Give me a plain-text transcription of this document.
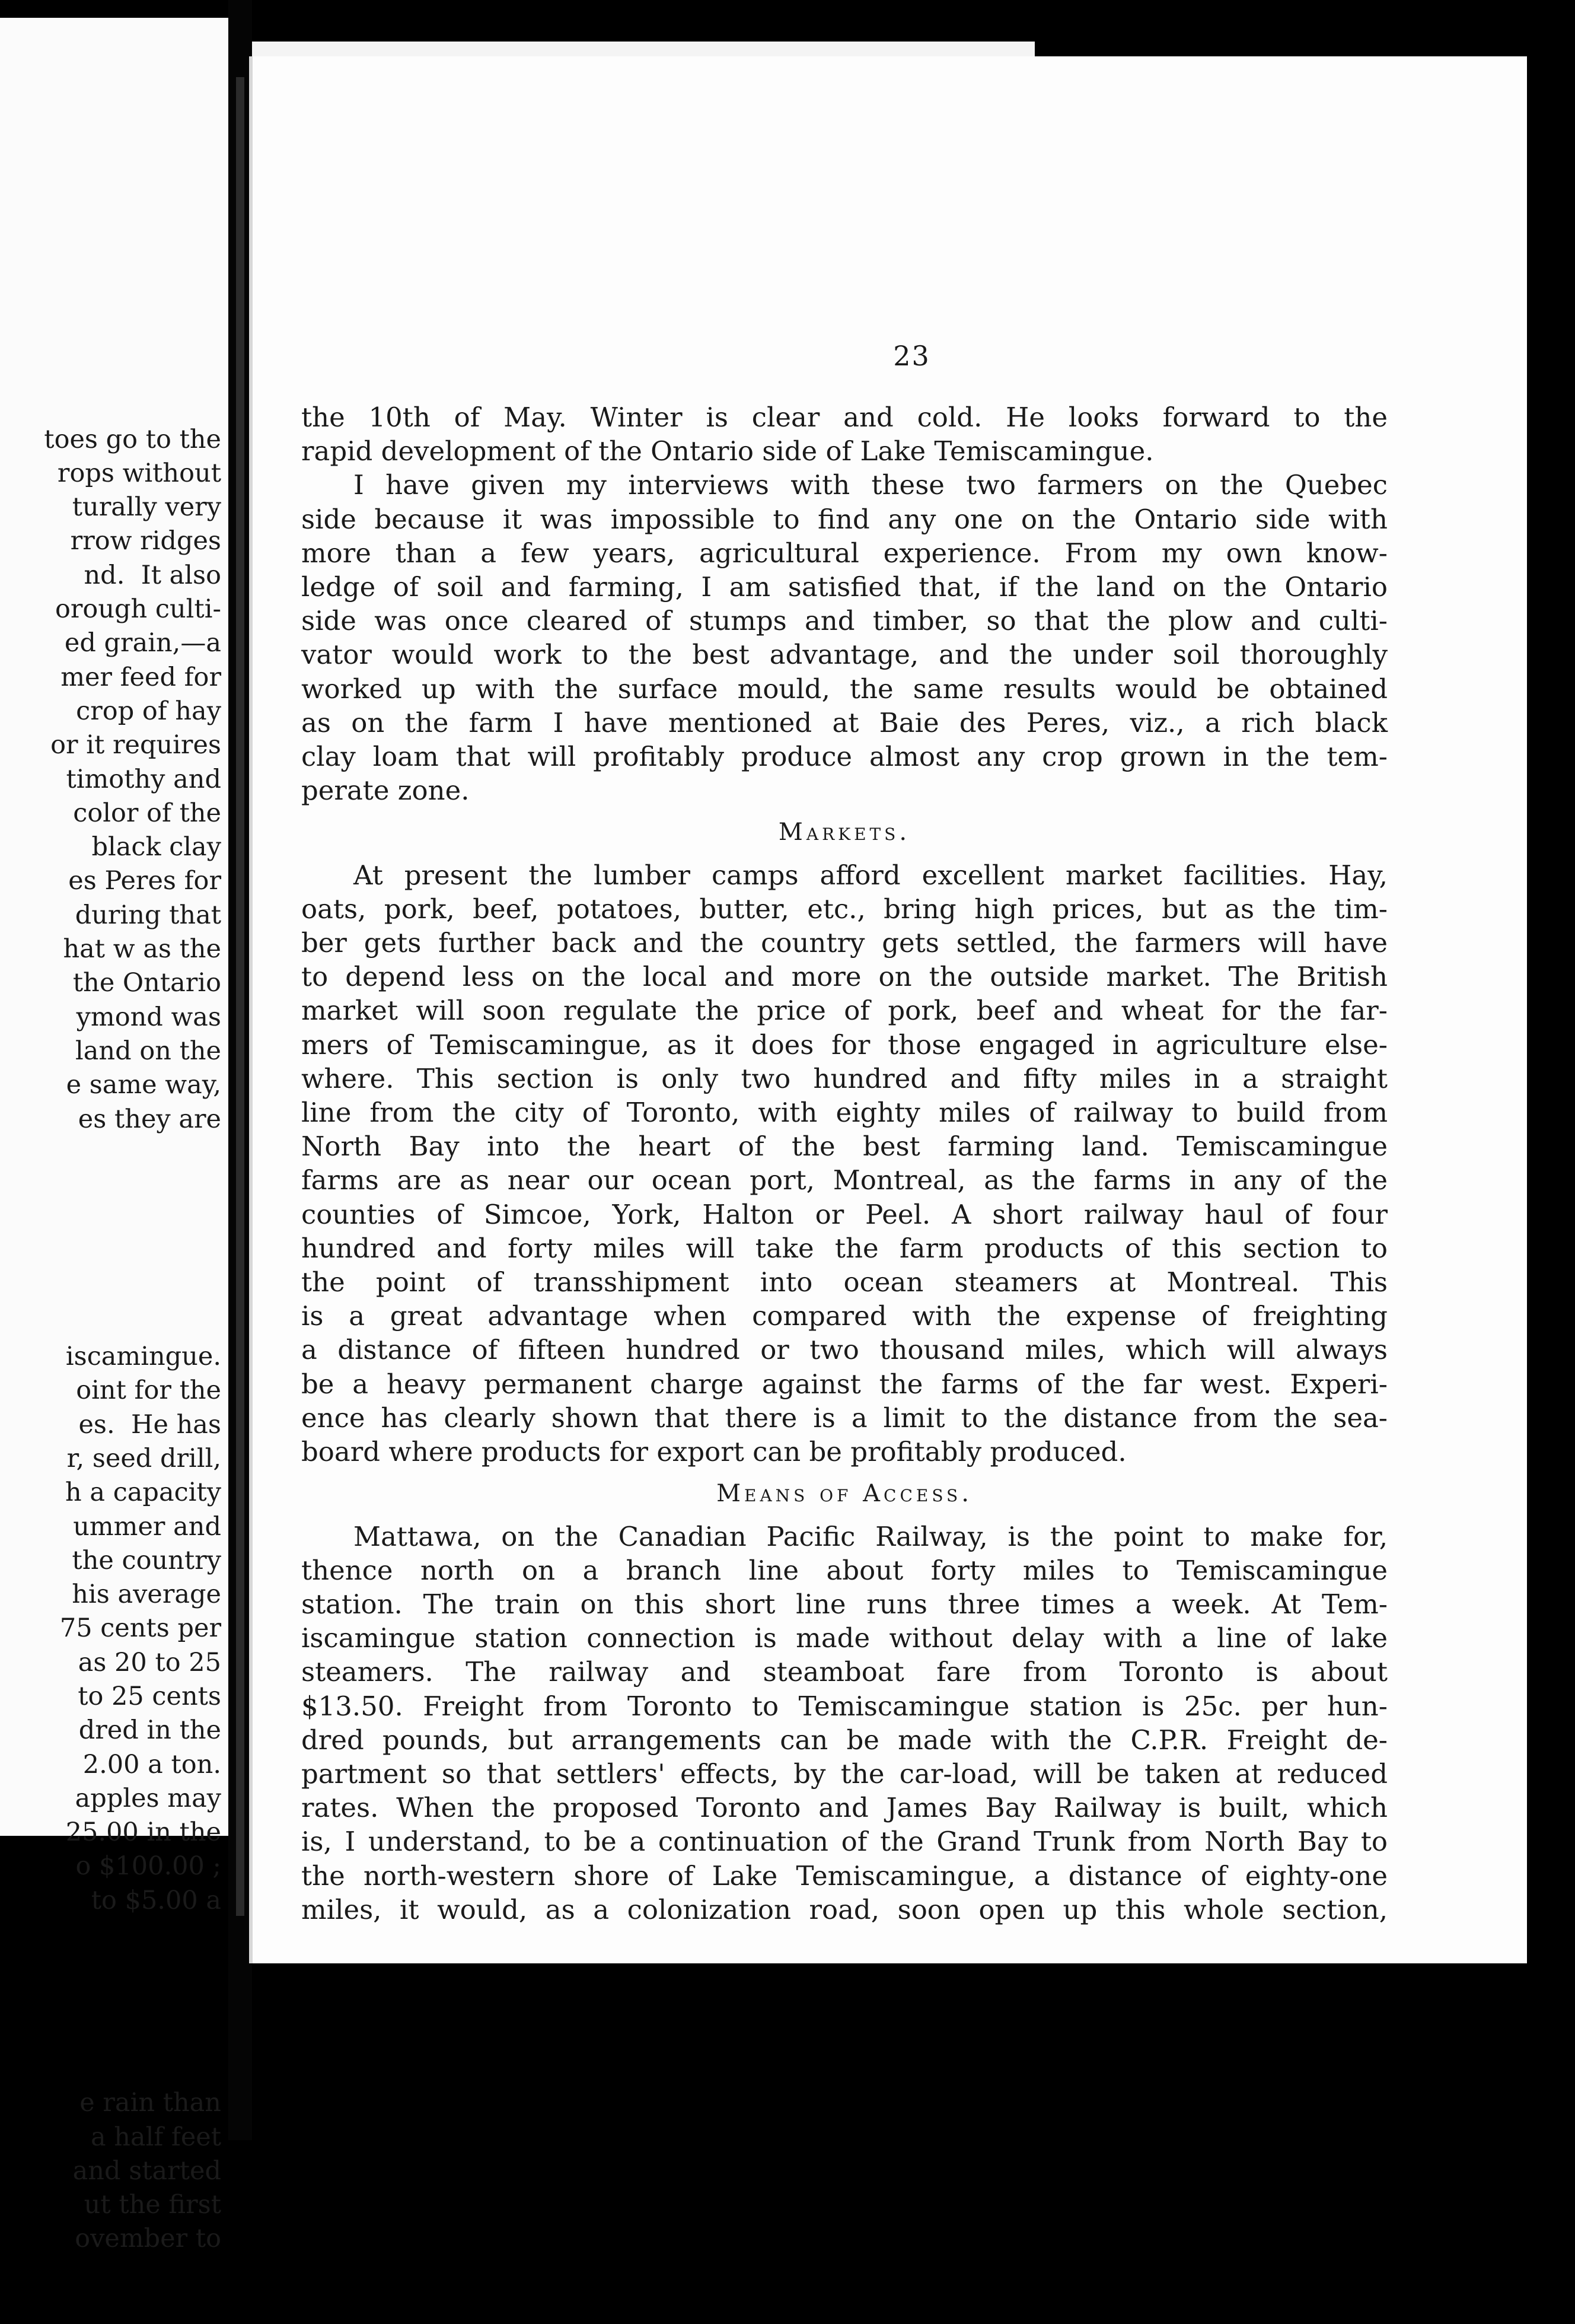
toes go to the
rops without
turally very
rrow ridges
nd.  It also
orough culti-
ed grain,—a
mer feed for
crop of hay
or it requires
timothy and
color of the
black clay
es Peres for
during that
hat w as the
the Ontario
ymond was
land on the
e same way,
es they are

iscamingue.
oint for the
es.  He has
r, seed drill,
h a capacity
ummer and
the country
his average
75 cents per
as 20 to 25
to 25 cents
dred in the
2.00 a ton.
apples may
25.00 in the
o $100.00 ;
to $5.00 a

e rain than
a half feet
and started
ut the first
ovember to

23
the 10th of May. Winter is clear and cold. He looks forward to the
rapid development of the Ontario side of Lake Temiscamingue.
I have given my interviews with these two farmers on the Quebec
side because it was impossible to find any one on the Ontario side with
more than a few years, agricultural experience. From my own know-
ledge of soil and farming, I am satisfied that, if the land on the Ontario
side was once cleared of stumps and timber, so that the plow and culti-
vator would work to the best advantage, and the under soil thoroughly
worked up with the surface mould, the same results would be obtained
as on the farm I have mentioned at Baie des Peres, viz., a rich black
clay loam that will profitably produce almost any crop grown in the tem-
perate zone.
Markets.
At present the lumber camps afford excellent market facilities. Hay,
oats, pork, beef, potatoes, butter, etc., bring high prices, but as the tim-
ber gets further back and the country gets settled, the farmers will have
to depend less on the local and more on the outside market. The British
market will soon regulate the price of pork, beef and wheat for the far-
mers of Temiscamingue, as it does for those engaged in agriculture else-
where. This section is only two hundred and fifty miles in a straight
line from the city of Toronto, with eighty miles of railway to build from
North Bay into the heart of the best farming land. Temiscamingue
farms are as near our ocean port, Montreal, as the farms in any of the
counties of Simcoe, York, Halton or Peel. A short railway haul of four
hundred and forty miles will take the farm products of this section to
the point of transshipment into ocean steamers at Montreal. This
is a great advantage when compared with the expense of freighting
a distance of fifteen hundred or two thousand miles, which will always
be a heavy permanent charge against the farms of the far west. Experi-
ence has clearly shown that there is a limit to the distance from the sea-
board where products for export can be profitably produced.
Means of Access.
Mattawa, on the Canadian Pacific Railway, is the point to make for,
thence north on a branch line about forty miles to Temiscamingue
station. The train on this short line runs three times a week. At Tem-
iscamingue station connection is made without delay with a line of lake
steamers. The railway and steamboat fare from Toronto is about
$13.50. Freight from Toronto to Temiscamingue station is 25c. per hun-
dred pounds, but arrangements can be made with the C.P.R. Freight de-
partment so that settlers' effects, by the car-load, will be taken at reduced
rates. When the proposed Toronto and James Bay Railway is built, which
is, I understand, to be a continuation of the Grand Trunk from North Bay to
the north-western shore of Lake Temiscamingue, a distance of eighty-one
miles, it would, as a colonization road, soon open up this whole section,
